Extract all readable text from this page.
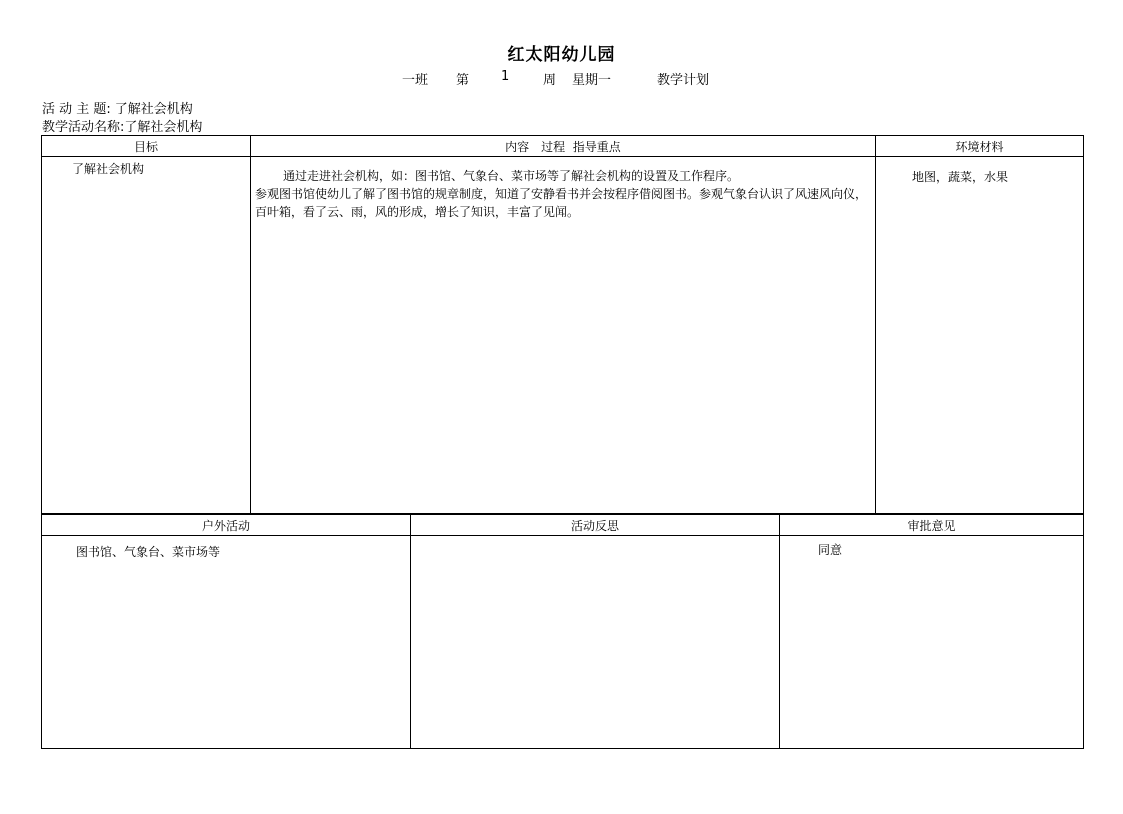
红太阳幼儿园
一班 第 1	周 星期一	教学计划
活 动 主 题: 了解社会机构
教学活动名称:了解社会机构
目标	内容　过程  指导重点	环境材料

了解社会机构	通过走进社会机构，如：图书馆、气象台、菜市场等了解社会机构的设置及工作程序。
参观图书馆使幼儿了解了图书馆的规章制度，知道了安静看书并会按程序借阅图书。参观气象台认识了风速风向仪，百叶箱，看了云、雨，风的形成，增长了知识，丰富了见闻。	地图，蔬菜，水果
户外活动	活动反思	审批意见

图书馆、气象台、菜市场等		同意
